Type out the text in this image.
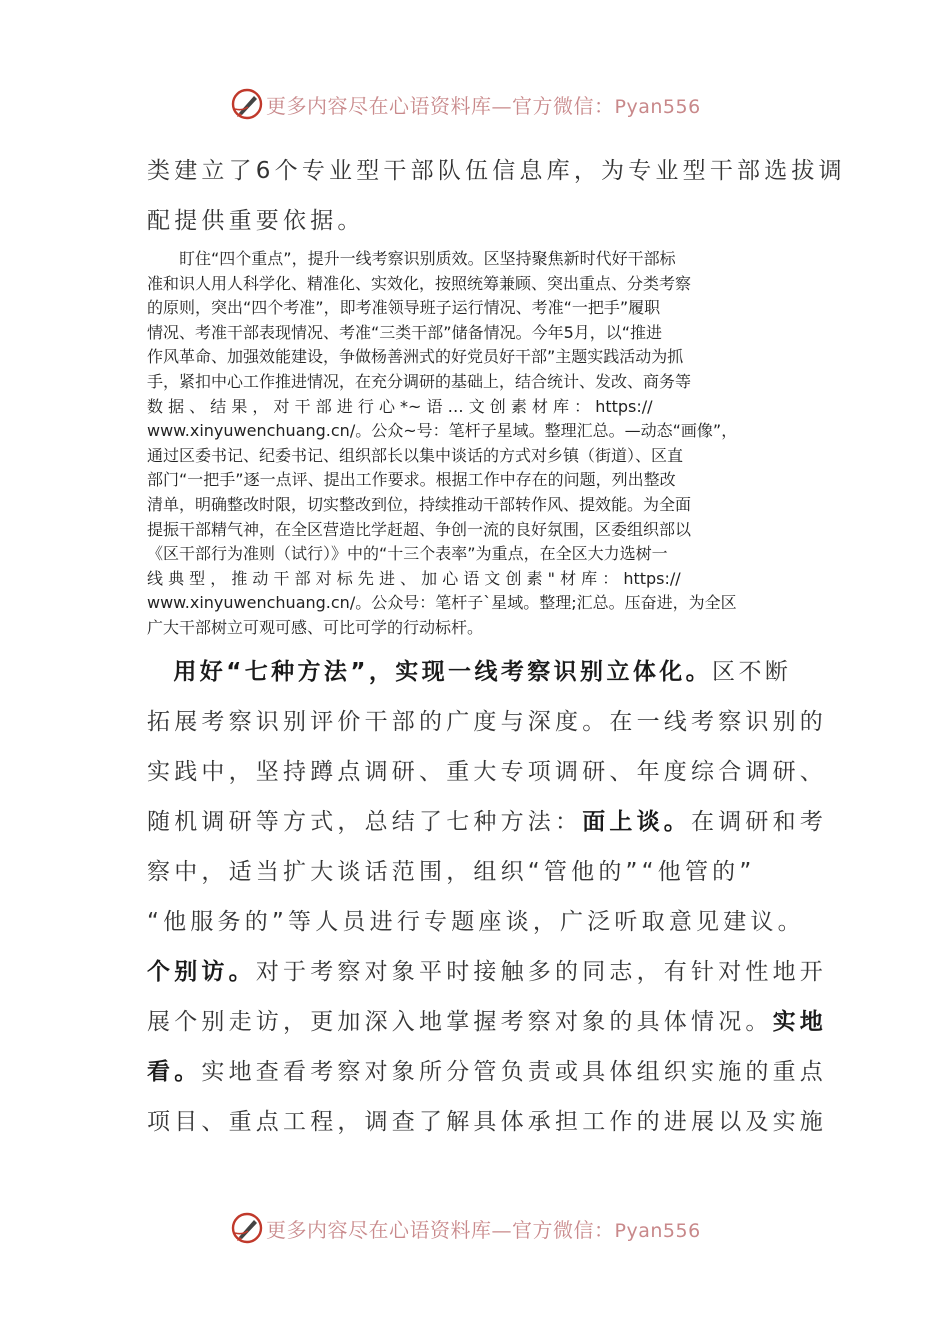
更多内容尽在心语资料库—官方微信：Pyan556
类建立了6个专业型干部队伍信息库，为专业型干部选拔调
配提供重要依据。
　　盯住“四个重点”，提升一线考察识别质效。区坚持聚焦新时代好干部标
准和识人用人科学化、精准化、实效化，按照统筹兼顾、突出重点、分类考察
的原则，突出“四个考准”，即考准领导班子运行情况、考准“一把手”履职
情况、考准干部表现情况、考准“三类干部”储备情况。今年5月，以“推进
作风革命、加强效能建设，争做杨善洲式的好党员好干部”主题实践活动为抓
手，紧扣中心工作推进情况，在充分调研的基础上，结合统计、发改、商务等
数 据 、 结 果 ， 对 干 部 进 行 心 *~ 语 … 文 创 素 材 库 ： https://
www.xinyuwenchuang.cn/。公众~号：笔杆子星域。整理汇总。—动态“画像”，
通过区委书记、纪委书记、组织部长以集中谈话的方式对乡镇（街道）、区直
部门“一把手”逐一点评、提出工作要求。根据工作中存在的问题，列出整改
清单，明确整改时限，切实整改到位，持续推动干部转作风、提效能。为全面
提振干部精气神，在全区营造比学赶超、争创一流的良好氛围，区委组织部以
《区干部行为准则（试行）》中的“十三个表率”为重点，在全区大力选树一
线 典 型 ， 推 动 干 部 对 标 先 进 、 加 心 语 文 创 素 " 材 库 ： https://
www.xinyuwenchuang.cn/。公众号：笔杆子`星域。整理;汇总。压奋进，为全区
广大干部树立可观可感、可比可学的行动标杆。
　用好“七种方法”，实现一线考察识别立体化。区不断
拓展考察识别评价干部的广度与深度。在一线考察识别的
实践中，坚持蹲点调研、重大专项调研、年度综合调研、
随机调研等方式，总结了七种方法：面上谈。在调研和考
察中，适当扩大谈话范围，组织“管他的”“他管的”
“他服务的”等人员进行专题座谈，广泛听取意见建议。
个别访。对于考察对象平时接触多的同志，有针对性地开
展个别走访，更加深入地掌握考察对象的具体情况。实地
看。实地查看考察对象所分管负责或具体组织实施的重点
项目、重点工程，调查了解具体承担工作的进展以及实施
更多内容尽在心语资料库—官方微信：Pyan556
